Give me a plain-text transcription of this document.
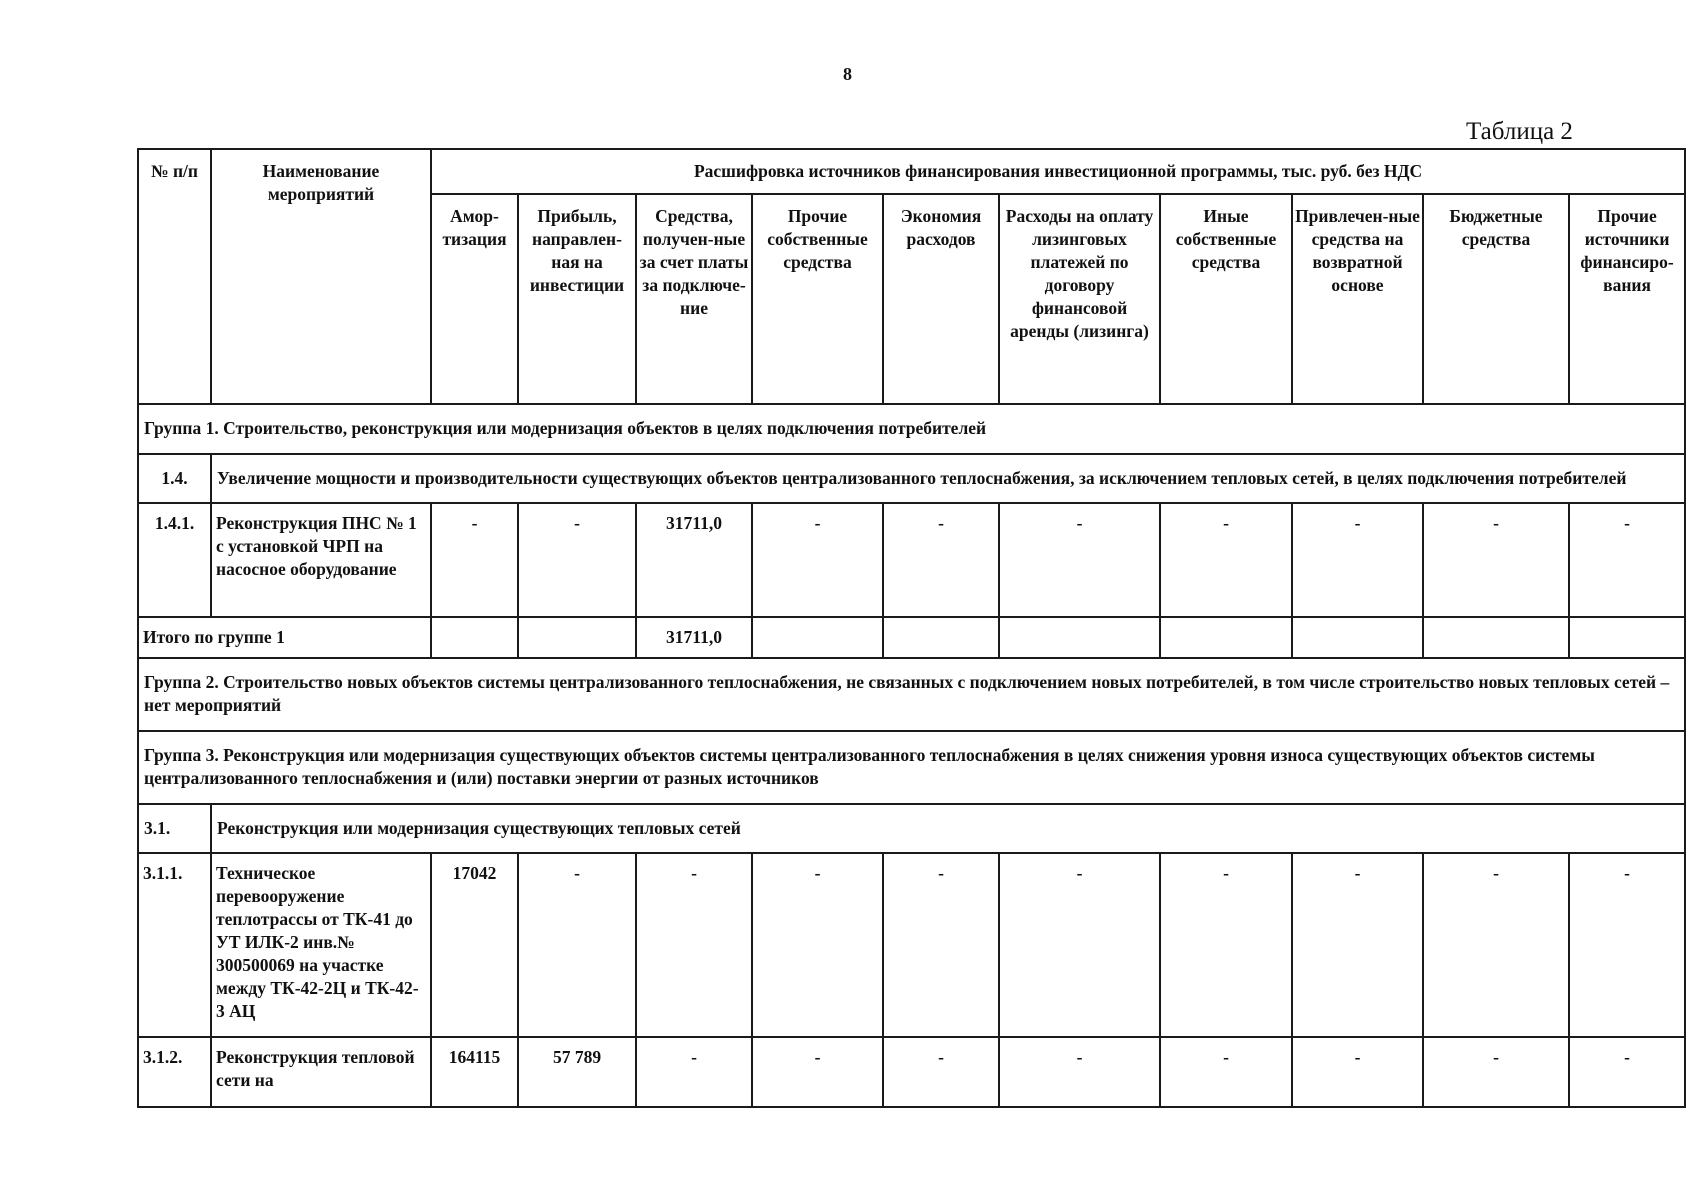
8
Таблица 2
№ п/п	Наименование мероприятий	Расшифровка источников финансирования инвестиционной программы, тыс. руб. без НДС									
		Амор-тизация	Прибыль, направлен-ная на инвестиции	Средства, получен-ные за счет платы за подключе-ние	Прочие собственные средства	Экономия расходов	Расходы на оплату лизинговых платежей по договору финансовой аренды (лизинга)	Иные собственные средства	Привлечен-ные средства на возвратной основе	Бюджетные средства	Прочие источники финансиро-вания
Группа 1. Строительство, реконструкция или модернизация объектов в целях подключения потребителей											
1.4.	Увеличение мощности и производительности существующих объектов централизованного теплоснабжения, за исключением тепловых сетей, в целях подключения потребителей										
1.4.1.	Реконструкция ПНС № 1 с установкой ЧРП на насосное оборудование	-	-	31711,0	-	-	-	-	-	-	-
Итого по группе 1				31711,0							
Группа 2. Строительство новых объектов системы централизованного теплоснабжения, не связанных с подключением новых потребителей, в том числе строительство новых тепловых сетей – нет мероприятий											
Группа 3. Реконструкция или модернизация существующих объектов системы централизованного теплоснабжения в целях снижения уровня износа существующих объектов системы централизованного теплоснабжения и (или) поставки энергии от разных источников											
3.1.	Реконструкция или модернизация существующих тепловых сетей										
3.1.1.	Техническое перевооружение теплотрассы от ТК-41 до УТ ИЛК-2 инв.№ 300500069 на участке между ТК-42-2Ц и ТК-42-3 АЦ	17042	-	-	-	-	-	-	-	-	-
3.1.2.	Реконструкция тепловой сети на	164115	57 789	-	-	-	-	-	-	-	-
